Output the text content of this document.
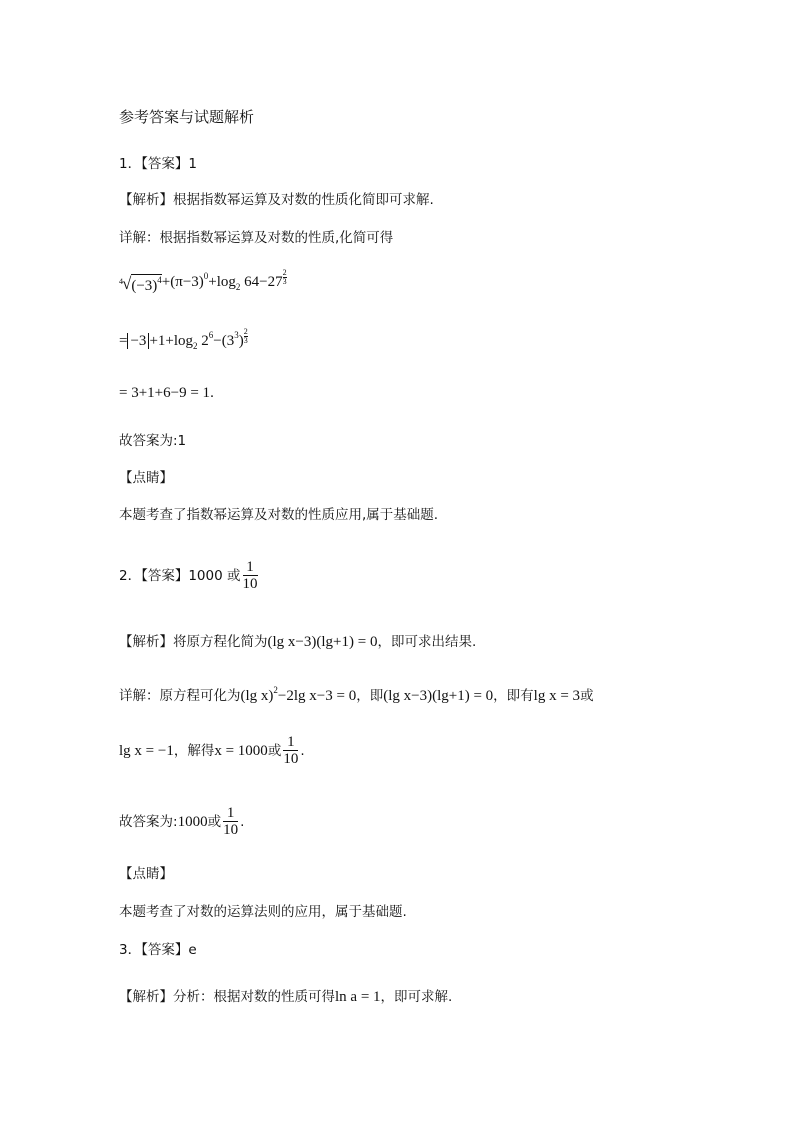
参考答案与试题解析
1．【答案】1
【解析】根据指数幂运算及对数的性质化简即可求解.
详解：根据指数幂运算及对数的性质,化简可得
4 √ $(-3)^4 +(\pi-3)^0+\log_2$ $64-27 \frac{2}{3}$
= $-3 +1+\log_2$ $2^6-(3^3) \frac{2}{3}$
= 3+1+6−9 = 1.
故答案为:1
【点睛】
本题考查了指数幂运算及对数的性质应用,属于基础题.
2．【答案】1000 或 $\frac{1}{10}$
【解析】将原方程化简为(lg x−3)(lg+1) = 0，即可求出结果.
详解：原方程可化为(lg x)$^2$−2lg x−3 = 0，即(lg x−3)(lg+1) = 0，即有lg x = 3或
lg x = −1，解得x = 1000或 $\frac{1}{10}$ .
故答案为:1000或 $\frac{1}{10}$ .
【点睛】
本题考查了对数的运算法则的应用，属于基础题.
3．【答案】e
【解析】分析：根据对数的性质可得ln a = 1，即可求解.
